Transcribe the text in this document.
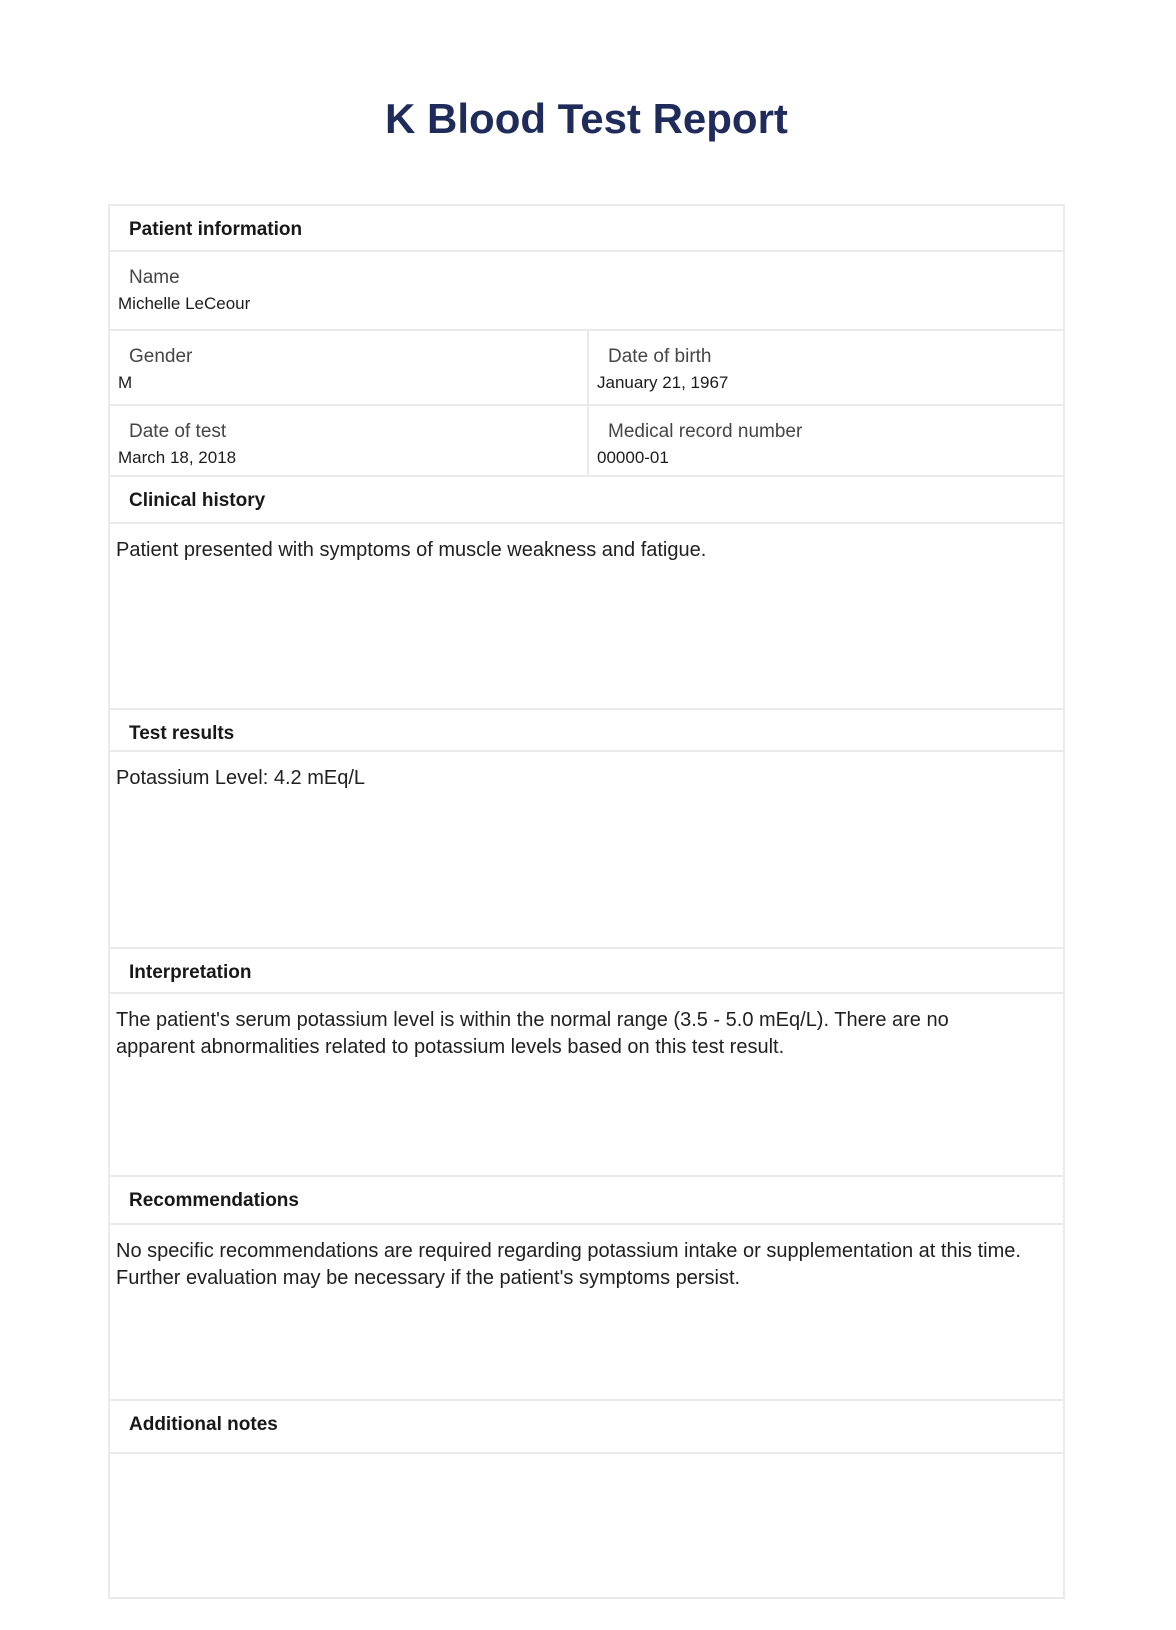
K Blood Test Report
Patient information
Name
Michelle LeCeour
Gender
M
Date of birth
January 21, 1967
Date of test
March 18, 2018
Medical record number
00000-01
Clinical history
Patient presented with symptoms of muscle weakness and fatigue.
Test results
Potassium Level: 4.2 mEq/L
Interpretation
The patient's serum potassium level is within the normal range (3.5 - 5.0 mEq/L). There are no apparent abnormalities related to potassium levels based on this test result.
Recommendations
No specific recommendations are required regarding potassium intake or supplementation at this time. Further evaluation may be necessary if the patient's symptoms persist.
Additional notes
